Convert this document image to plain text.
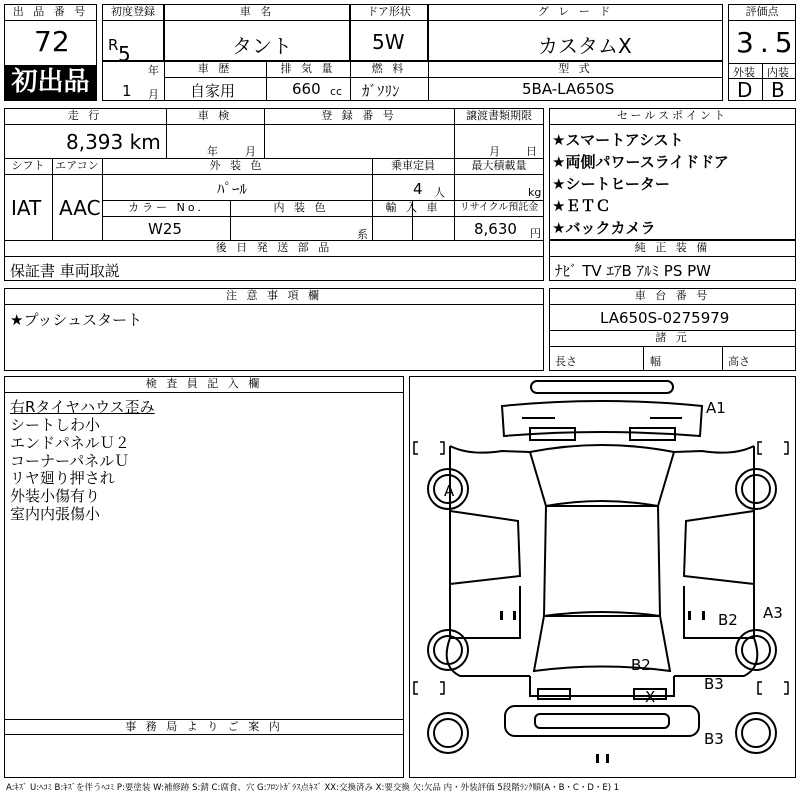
出 品 番 号
72
初出品
初度登録
R 5
年
車 名
タント
ドア形状
5W
グ レ ー ド
カスタムX
評価点
3.5
外装 内装
D B
1 月
車 歴
自家用
排 気 量
660 cc
燃 料
ｶﾞｿﾘﾝ
型 式
5BA-LA650S
走 行
8,393 km
車 検
年 月
登 録 番 号	譲渡書類期限
月 日
シフト
IAT
エアコン
AAC
外 装 色
ﾊﾟｰﾙ
乗車定員
4 人
最大積載量
kg
カラー No.
W25
内 装 色
系
輸 入 車	リサイクル預託金
8,630 円
後 日 発 送 部 品
保証書 車両取説
セールスポイント
★スマートアシスト
★両側パワースライドドア
★シートヒーター
★ＥＴＣ
★バックカメラ
純 正 装 備
ﾅﾋﾞ TV ｴｱB ｱﾙﾐ PS PW
注 意 事 項 欄
★プッシュスタート
車 台 番 号
LA650S-0275979
諸 元
長さ	幅	高さ
検 査 員 記 入 欄
右Rタイヤハウス歪み
シートしわ小
エンドパネルＵ２
コーナーパネルＵ
リヤ廻り押され
外装小傷有り
室内内張傷小
事 務 局 よ り ご 案 内
A1
A
B2 A3
B2
B3
X
B3
A:ｷｽﾞ U:ﾍｺﾐ B:ｷｽﾞを伴うﾍｺﾐ P:要塗装 W:補修跡 S:錆 C:腐食、穴 G:ﾌﾛﾝﾄｶﾞﾗｽ点ｷｽﾞ XX:交換済み X:要交換 欠:欠品 内・外装評価 5段階ﾗﾝｸ順(A・B・C・D・E) 1
